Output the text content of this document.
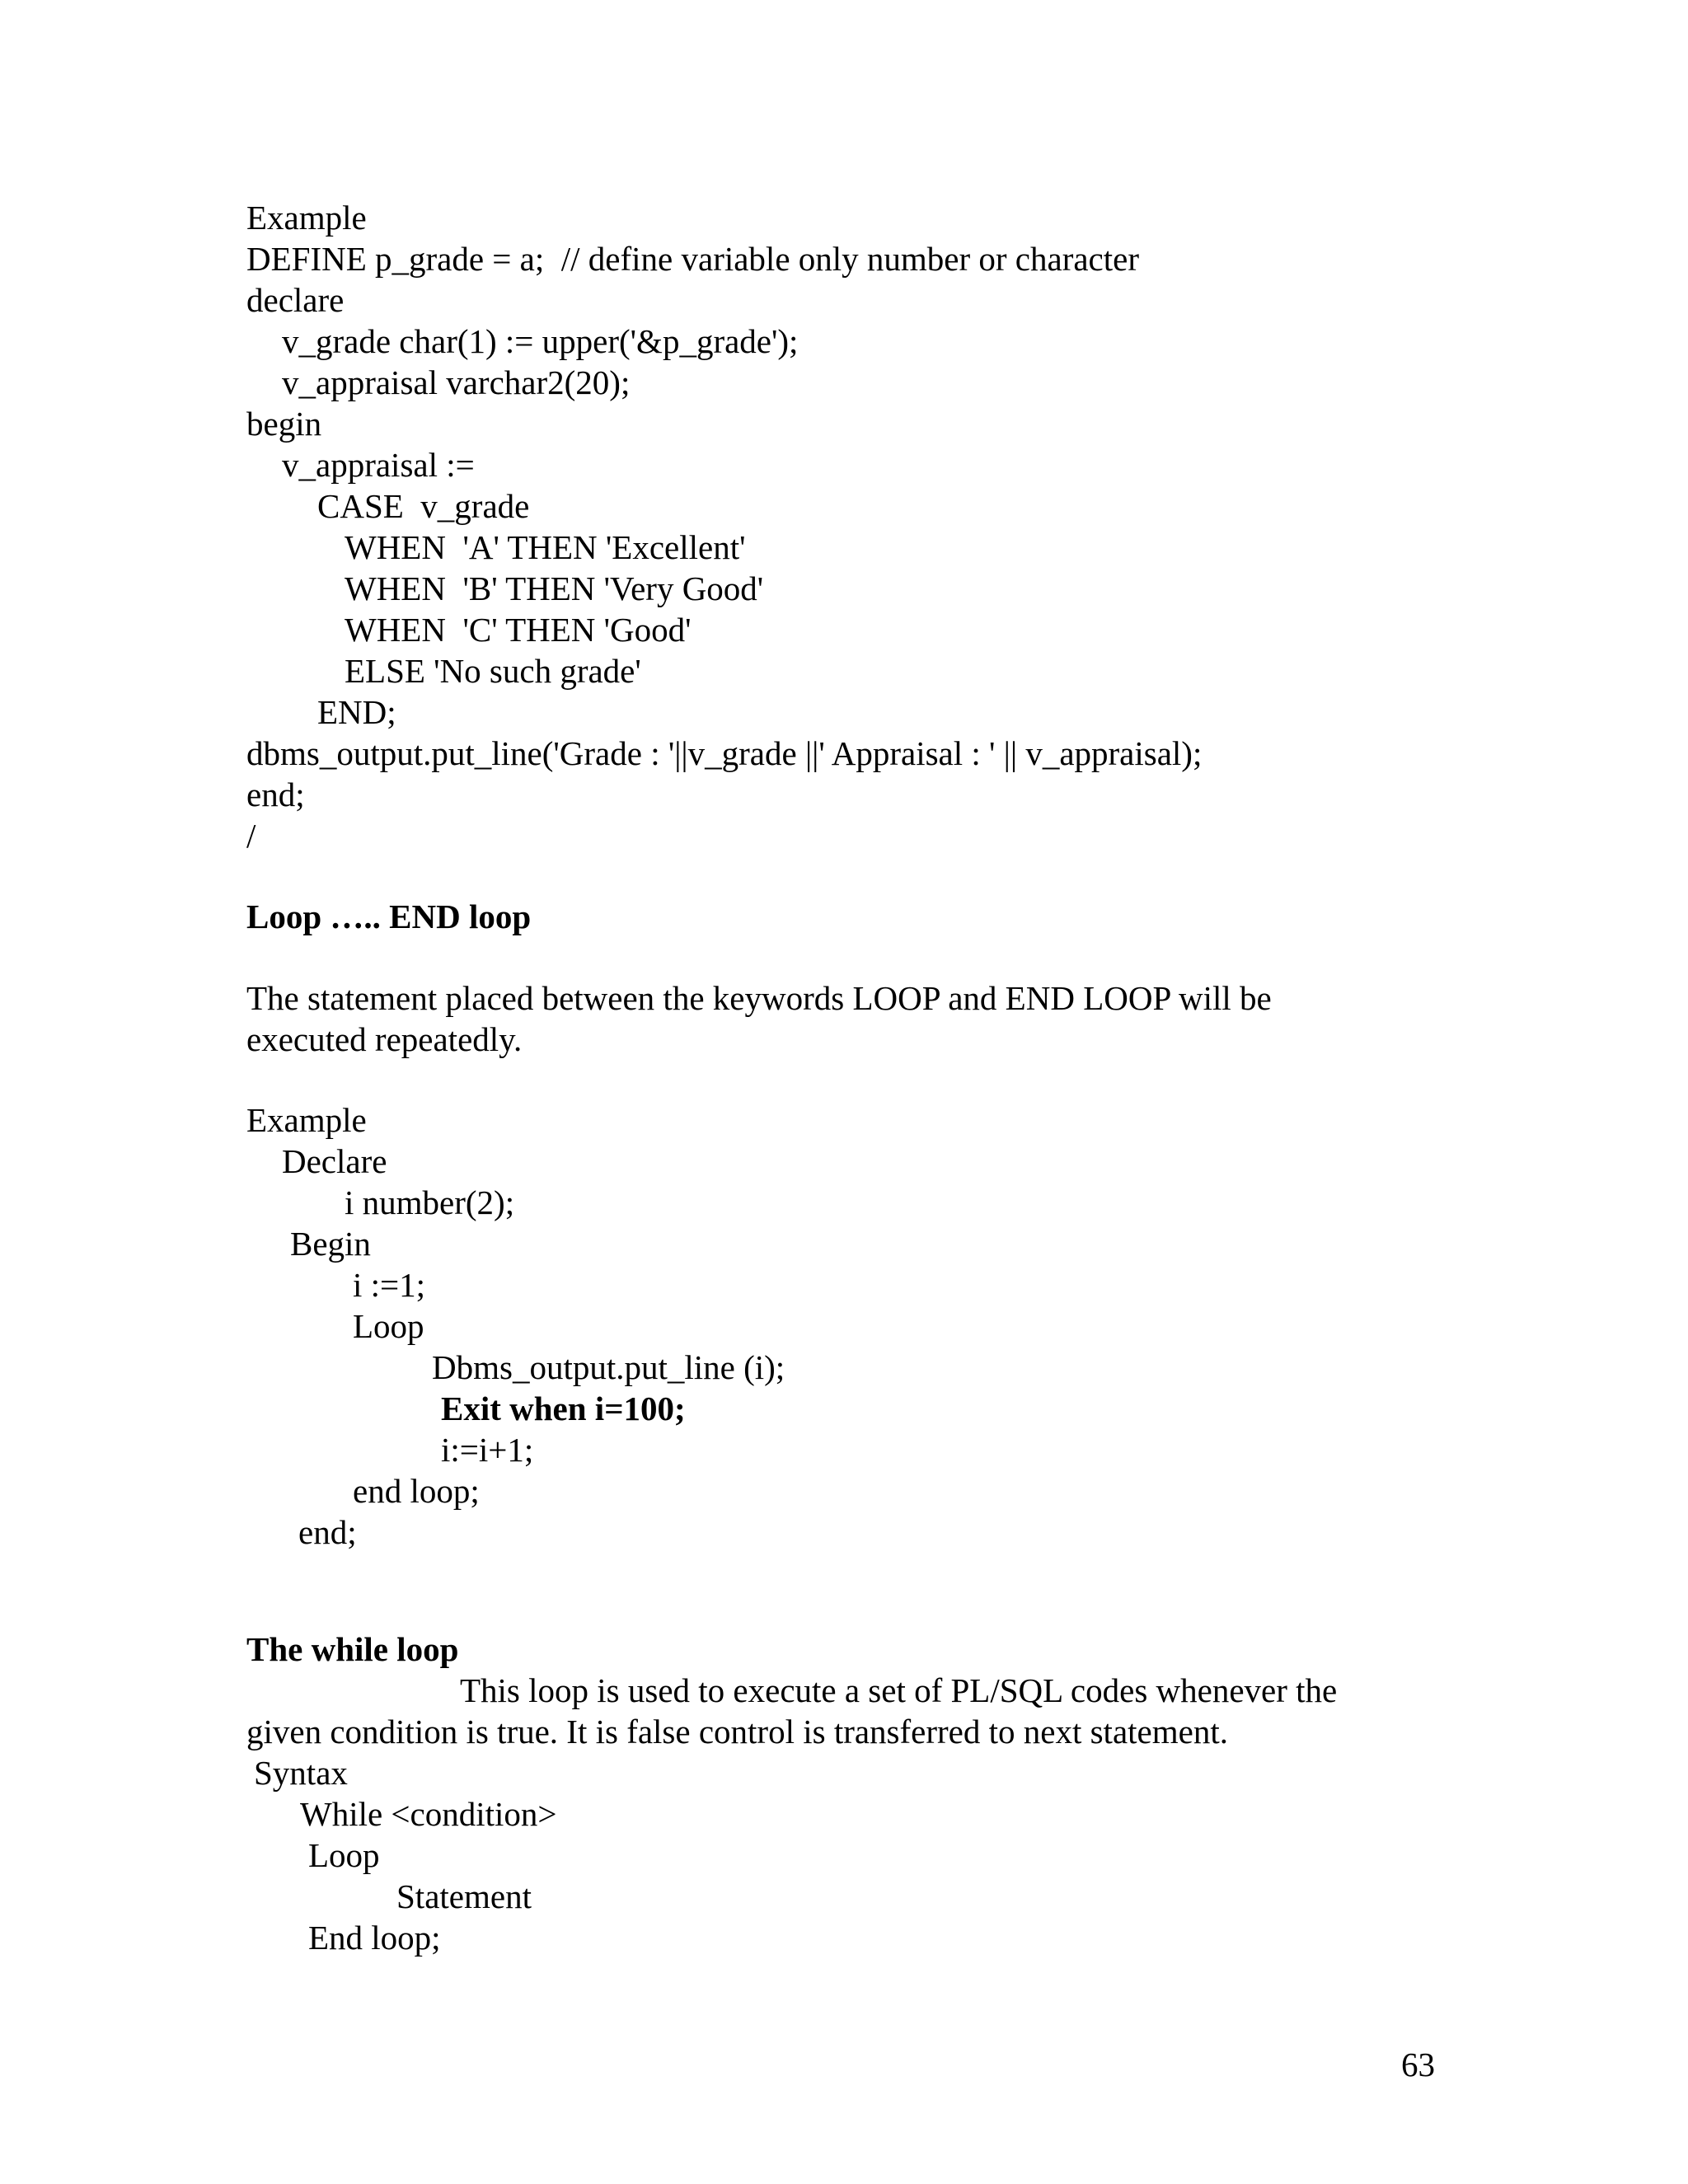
Example

DEFINE p_grade = a;  // define variable only number or character

declare

v_grade char(1) := upper('&p_grade');

v_appraisal varchar2(20);

begin

v_appraisal :=

CASE  v_grade

WHEN  'A' THEN 'Excellent'

WHEN  'B' THEN 'Very Good'

WHEN  'C' THEN 'Good'

ELSE 'No such grade'

END;

dbms_output.put_line('Grade : '||v_grade ||' Appraisal : ' || v_appraisal);

end;

/

Loop ….. END loop

The statement placed between the keywords LOOP and END LOOP will be

executed repeatedly.

Example

Declare

i number(2);

Begin

i :=1;

Loop

Dbms_output.put_line (i);

Exit when i=100;

i:=i+1;

end loop;

end;

The while loop

This loop is used to execute a set of PL/SQL codes whenever the

given condition is true. It is false control is transferred to next statement.

Syntax

While <condition>

Loop

Statement

End loop;

63
